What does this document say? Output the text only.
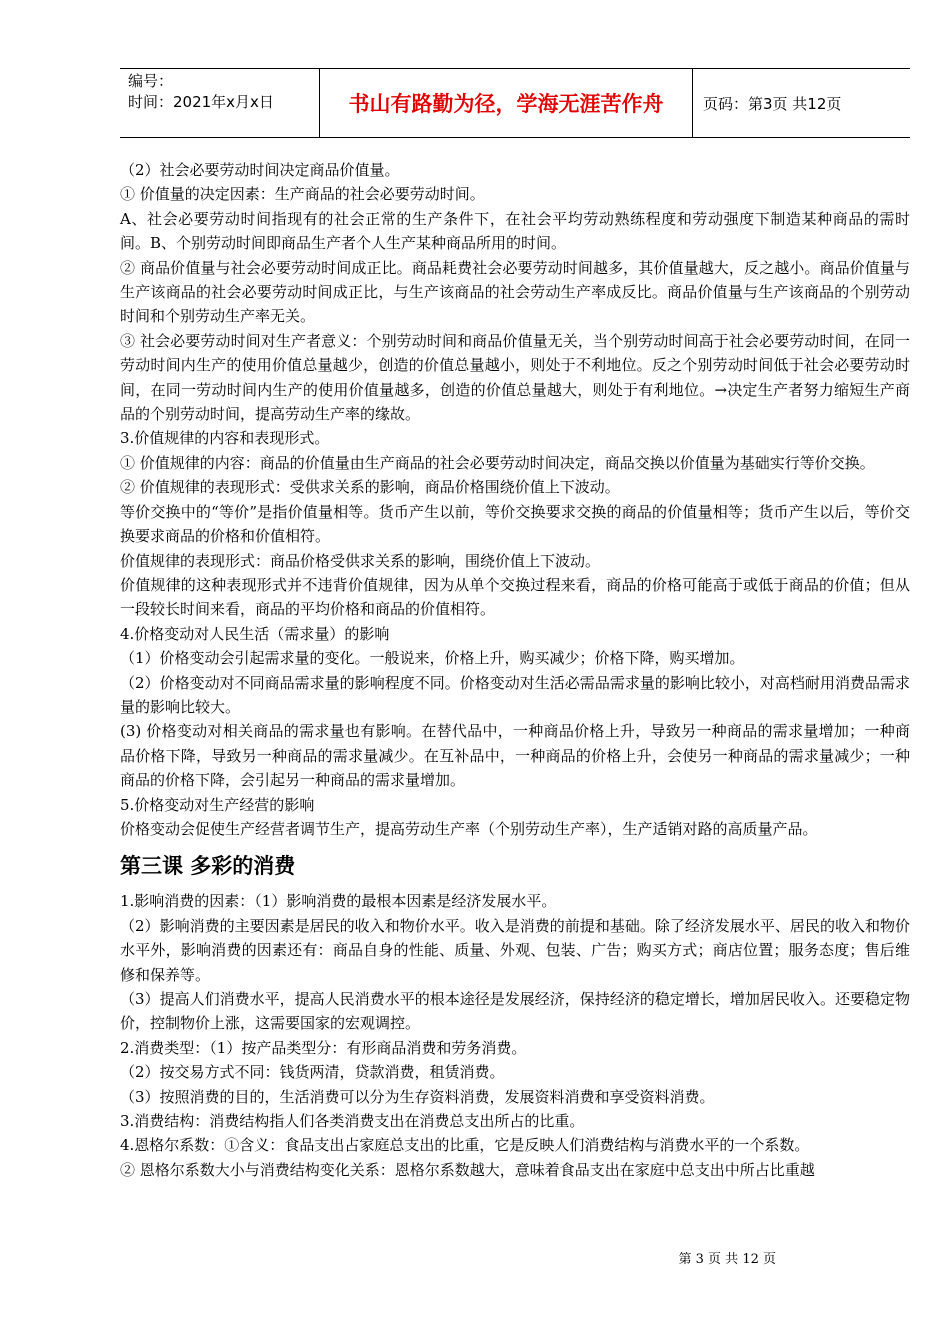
编号：
时间：2021年x月x日	书山有路勤为径，学海无涯苦作舟	页码：第3页 共12页

（2）社会必要劳动时间决定商品价值量。

① 价值量的决定因素：生产商品的社会必要劳动时间。

A、社会必要劳动时间指现有的社会正常的生产条件下，在社会平均劳动熟练程度和劳动强度下制造某种商品的需时间。B、个别劳动时间即商品生产者个人生产某种商品所用的时间。

② 商品价值量与社会必要劳动时间成正比。商品耗费社会必要劳动时间越多，其价值量越大，反之越小。商品价值量与生产该商品的社会必要劳动时间成正比，与生产该商品的社会劳动生产率成反比。商品价值量与生产该商品的个别劳动时间和个别劳动生产率无关。

③ 社会必要劳动时间对生产者意义：个别劳动时间和商品价值量无关，当个别劳动时间高于社会必要劳动时间，在同一劳动时间内生产的使用价值总量越少，创造的价值总量越小，则处于不利地位。反之个别劳动时间低于社会必要劳动时间，在同一劳动时间内生产的使用价值量越多，创造的价值总量越大，则处于有利地位。→决定生产者努力缩短生产商品的个别劳动时间，提高劳动生产率的缘故。

3.价值规律的内容和表现形式。

① 价值规律的内容：商品的价值量由生产商品的社会必要劳动时间决定，商品交换以价值量为基础实行等价交换。

② 价值规律的表现形式：受供求关系的影响，商品价格围绕价值上下波动。

等价交换中的“等价”是指价值量相等。货币产生以前，等价交换要求交换的商品的价值量相等；货币产生以后，等价交换要求商品的价格和价值相符。

价值规律的表现形式：商品价格受供求关系的影响，围绕价值上下波动。

价值规律的这种表现形式并不违背价值规律，因为从单个交换过程来看，商品的价格可能高于或低于商品的价值；但从一段较长时间来看，商品的平均价格和商品的价值相符。

4.价格变动对人民生活（需求量）的影响

（1）价格变动会引起需求量的变化。一般说来，价格上升，购买减少；价格下降，购买增加。

（2）价格变动对不同商品需求量的影响程度不同。价格变动对生活必需品需求量的影响比较小，对高档耐用消费品需求量的影响比较大。

(3) 价格变动对相关商品的需求量也有影响。在替代品中，一种商品价格上升，导致另一种商品的需求量增加；一种商品价格下降，导致另一种商品的需求量减少。在互补品中，一种商品的价格上升，会使另一种商品的需求量减少；一种商品的价格下降，会引起另一种商品的需求量增加。

5.价格变动对生产经营的影响

价格变动会促使生产经营者调节生产，提高劳动生产率（个别劳动生产率），生产适销对路的高质量产品。

第三课 多彩的消费

1.影响消费的因素：（1）影响消费的最根本因素是经济发展水平。

（2）影响消费的主要因素是居民的收入和物价水平。收入是消费的前提和基础。除了经济发展水平、居民的收入和物价水平外，影响消费的因素还有：商品自身的性能、质量、外观、包装、广告；购买方式；商店位置；服务态度；售后维修和保养等。

（3）提高人们消费水平，提高人民消费水平的根本途径是发展经济，保持经济的稳定增长，增加居民收入。还要稳定物价，控制物价上涨，这需要国家的宏观调控。

2.消费类型：（1）按产品类型分：有形商品消费和劳务消费。

（2）按交易方式不同：钱货两清，贷款消费，租赁消费。

（3）按照消费的目的，生活消费可以分为生存资料消费，发展资料消费和享受资料消费。

3.消费结构：消费结构指人们各类消费支出在消费总支出所占的比重。

4.恩格尔系数：①含义：食品支出占家庭总支出的比重，它是反映人们消费结构与消费水平的一个系数。

② 恩格尔系数大小与消费结构变化关系：恩格尔系数越大，意味着食品支出在家庭中总支出中所占比重越

第 3 页 共 12 页
